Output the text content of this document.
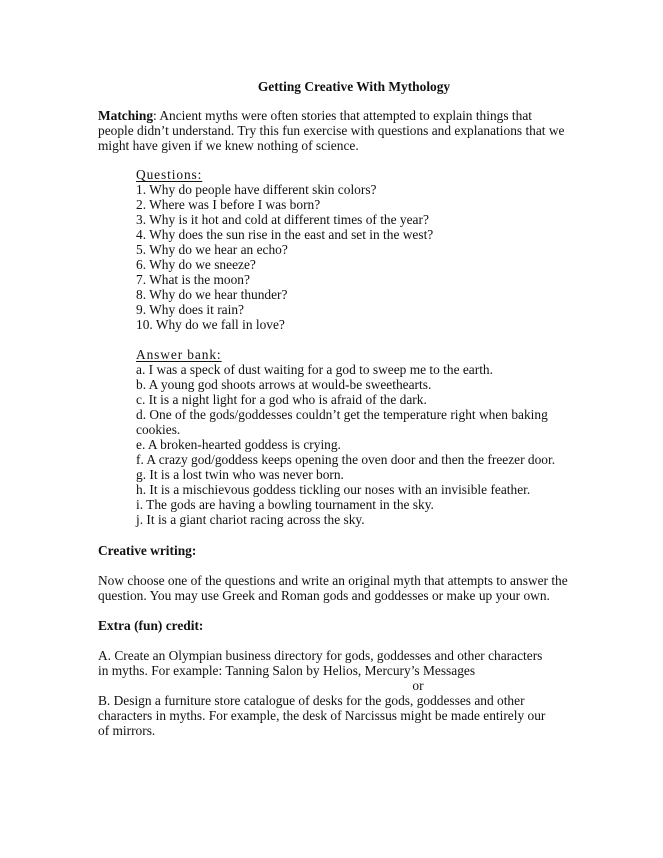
Getting Creative With Mythology
Matching: Ancient myths were often stories that attempted to explain things that people didn’t understand. Try this fun exercise with questions and explanations that we might have given if we knew nothing of science.
Questions:
1. Why do people have different skin colors?
2. Where was I before I was born?
3. Why is it hot and cold at different times of the year?
4. Why does the sun rise in the east and set in the west?
5. Why do we hear an echo?
6. Why do we sneeze?
7. What is the moon?
8. Why do we hear thunder?
9. Why does it rain?
10. Why do we fall in love?
Answer bank:
a. I was a speck of dust waiting for a god to sweep me to the earth.
b. A young god shoots arrows at would-be sweethearts.
c. It is a night light for a god who is afraid of the dark.
d. One of the gods/goddesses couldn’t get the temperature right when baking cookies.
e. A broken-hearted goddess is crying.
f. A crazy god/goddess keeps opening the oven door and then the freezer door.
g. It is a lost twin who was never born.
h. It is a mischievous goddess tickling our noses with an invisible feather.
i. The gods are having a bowling tournament in the sky.
j. It is a giant chariot racing across the sky.
Creative writing:
Now choose one of the questions and write an original myth that attempts to answer the question. You may use Greek and Roman gods and goddesses or make up your own.
Extra (fun) credit:
A. Create an Olympian business directory for gods, goddesses and other characters in myths. For example: Tanning Salon by Helios, Mercury’s Messages
or
B. Design a furniture store catalogue of desks for the gods, goddesses and other characters in myths. For example, the desk of Narcissus might be made entirely our of mirrors.
